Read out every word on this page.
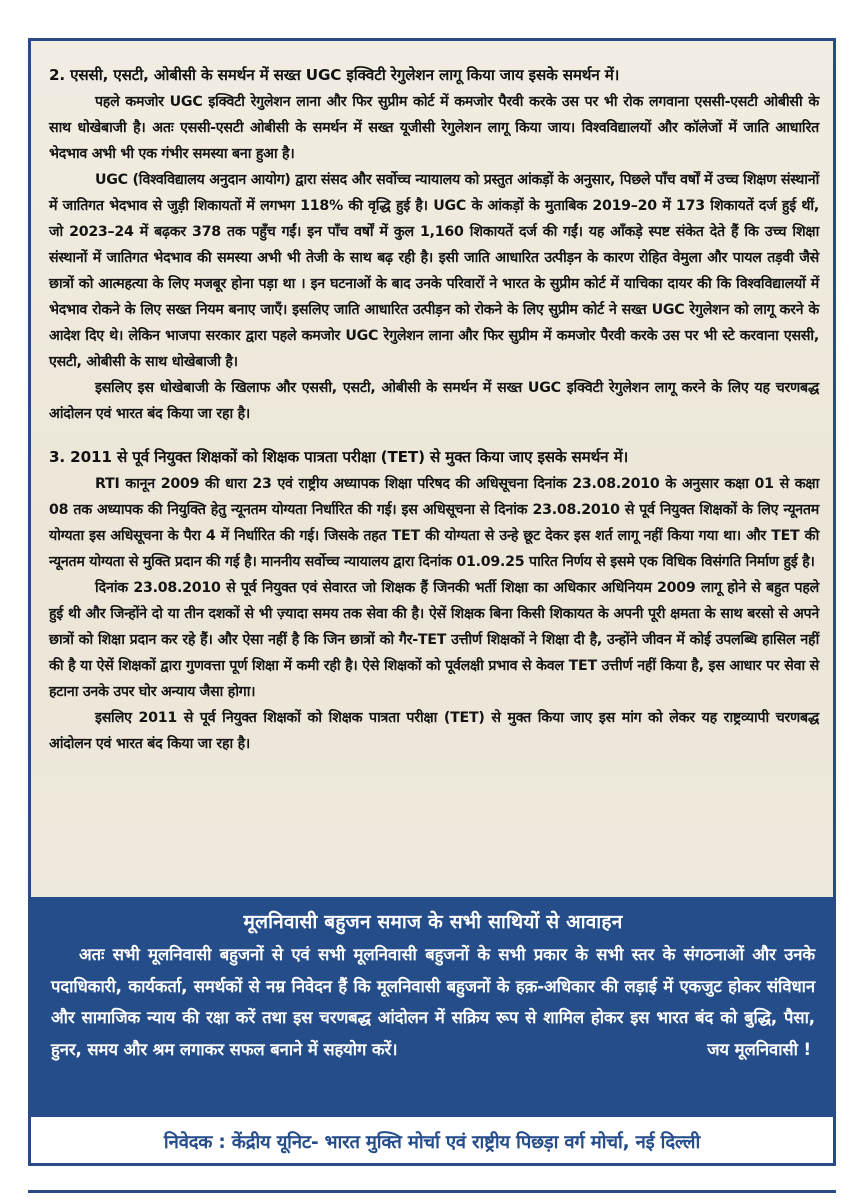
2. एससी, एसटी, ओबीसी के समर्थन में सख्त UGC इक्विटी रेगुलेशन लागू किया जाय इसके समर्थन में।

पहले कमजोर UGC इक्विटी रेगुलेशन लाना और फिर सुप्रीम कोर्ट में कमजोर पैरवी करके उस पर भी रोक लगवाना एससी-एसटी ओबीसी के साथ धोखेबाजी है। अतः एससी-एसटी ओबीसी के समर्थन में सख्त यूजीसी रेगुलेशन लागू किया जाय। विश्वविद्यालयों और कॉलेजों में जाति आधारित भेदभाव अभी भी एक गंभीर समस्या बना हुआ है।

UGC (विश्वविद्यालय अनुदान आयोग) द्वारा संसद और सर्वोच्च न्यायालय को प्रस्तुत आंकड़ों के अनुसार, पिछले पाँच वर्षों में उच्च शिक्षण संस्थानों में जातिगत भेदभाव से जुड़ी शिकायतों में लगभग 118% की वृद्धि हुई है। UGC के आंकड़ों के मुताबिक 2019–20 में 173 शिकायतें दर्ज हुई थीं, जो 2023–24 में बढ़कर 378 तक पहुँच गईं। इन पाँच वर्षों में कुल 1,160 शिकायतें दर्ज की गईं। यह आँकड़े स्पष्ट संकेत देते हैं कि उच्च शिक्षा संस्थानों में जातिगत भेदभाव की समस्या अभी भी तेजी के साथ बढ़ रही है। इसी जाति आधारित उत्पीड़न के कारण रोहित वेमुला और पायल तड़वी जैसे छात्रों को आत्महत्या के लिए मजबूर होना पड़ा था । इन घटनाओं के बाद उनके परिवारों ने भारत के सुप्रीम कोर्ट में याचिका दायर की कि विश्वविद्यालयों में भेदभाव रोकने के लिए सख्त नियम बनाए जाएँ। इसलिए जाति आधारित उत्पीड़न को रोकने के लिए सुप्रीम कोर्ट ने सख्त UGC रेगुलेशन को लागू करने के आदेश दिए थे। लेकिन भाजपा सरकार द्वारा पहले कमजोर UGC रेगुलेशन लाना और फिर सुप्रीम में कमजोर पैरवी करके उस पर भी स्टे करवाना एससी, एसटी, ओबीसी के साथ धोखेबाजी है।

इसलिए इस धोखेबाजी के खिलाफ और एससी, एसटी, ओबीसी के समर्थन में सख्त UGC इक्विटी रेगुलेशन लागू करने के लिए यह चरणबद्ध आंदोलन एवं भारत बंद किया जा रहा है।

3. 2011 से पूर्व नियुक्त शिक्षकों को शिक्षक पात्रता परीक्षा (TET) से मुक्त किया जाए इसके समर्थन में।

RTI कानून 2009 की धारा 23 एवं राष्ट्रीय अध्यापक शिक्षा परिषद की अधिसूचना दिनांक 23.08.2010 के अनुसार कक्षा 01 से कक्षा 08 तक अध्यापक की नियुक्ति हेतु न्यूनतम योग्यता निर्धारित की गई। इस अधिसूचना से दिनांक 23.08.2010 से पूर्व नियुक्त शिक्षकों के लिए न्यूनतम योग्यता इस अधिसूचना के पैरा 4 में निर्धारित की गई। जिसके तहत TET की योग्यता से उन्हे छूट देकर इस शर्त लागू नहीं किया गया था। और TET की न्यूनतम योग्यता से मुक्ति प्रदान की गई है। माननीय सर्वोच्च न्यायालय द्वारा दिनांक 01.09.25 पारित निर्णय से इसमे एक विधिक विसंगति निर्माण हुई है।

दिनांक 23.08.2010 से पूर्व नियुक्त एवं सेवारत जो शिक्षक हैं जिनकी भर्ती शिक्षा का अधिकार अधिनियम 2009 लागू होने से बहुत पहले हुई थी और जिन्होंने दो या तीन दशकों से भी ज़्यादा समय तक सेवा की है। ऐसें शिक्षक बिना किसी शिकायत के अपनी पूरी क्षमता के साथ बरसो से अपने छात्रों को शिक्षा प्रदान कर रहे हैं। और ऐसा नहीं है कि जिन छात्रों को गैर-TET उत्तीर्ण शिक्षकों ने शिक्षा दी है, उन्होंने जीवन में कोई उपलब्धि हासिल नहीं की है या ऐसें शिक्षकों द्वारा गुणवत्ता पूर्ण शिक्षा में कमी रही है। ऐसे शिक्षकों को पूर्वलक्षी प्रभाव से केवल TET उत्तीर्ण नहीं किया है, इस आधार पर सेवा से हटाना उनके उपर घोर अन्याय जैसा होगा।

इसलिए 2011 से पूर्व नियुक्त शिक्षकों को शिक्षक पात्रता परीक्षा (TET) से मुक्त किया जाए इस मांग को लेकर यह राष्ट्रव्यापी चरणबद्ध आंदोलन एवं भारत बंद किया जा रहा है।

मूलनिवासी बहुजन समाज के सभी साथियों से आवाहन

अतः सभी मूलनिवासी बहुजनों से एवं सभी मूलनिवासी बहुजनों के सभी प्रकार के सभी स्तर के संगठनाओं और उनके पदाधिकारी, कार्यकर्ता, समर्थकों से नम्र निवेदन हैं कि मूलनिवासी बहुजनों के हक़-अधिकार की लड़ाई में एकजुट होकर संविधान और सामाजिक न्याय की रक्षा करें तथा इस चरणबद्ध आंदोलन में सक्रिय रूप से शामिल होकर इस भारत बंद को बुद्धि, पैसा, हुनर, समय और श्रम लगाकर सफल बनाने में सहयोग करें।	जय मूलनिवासी !

निवेदक : केंद्रीय यूनिट- भारत मुक्ति मोर्चा एवं राष्ट्रीय पिछड़ा वर्ग मोर्चा, नई दिल्ली
